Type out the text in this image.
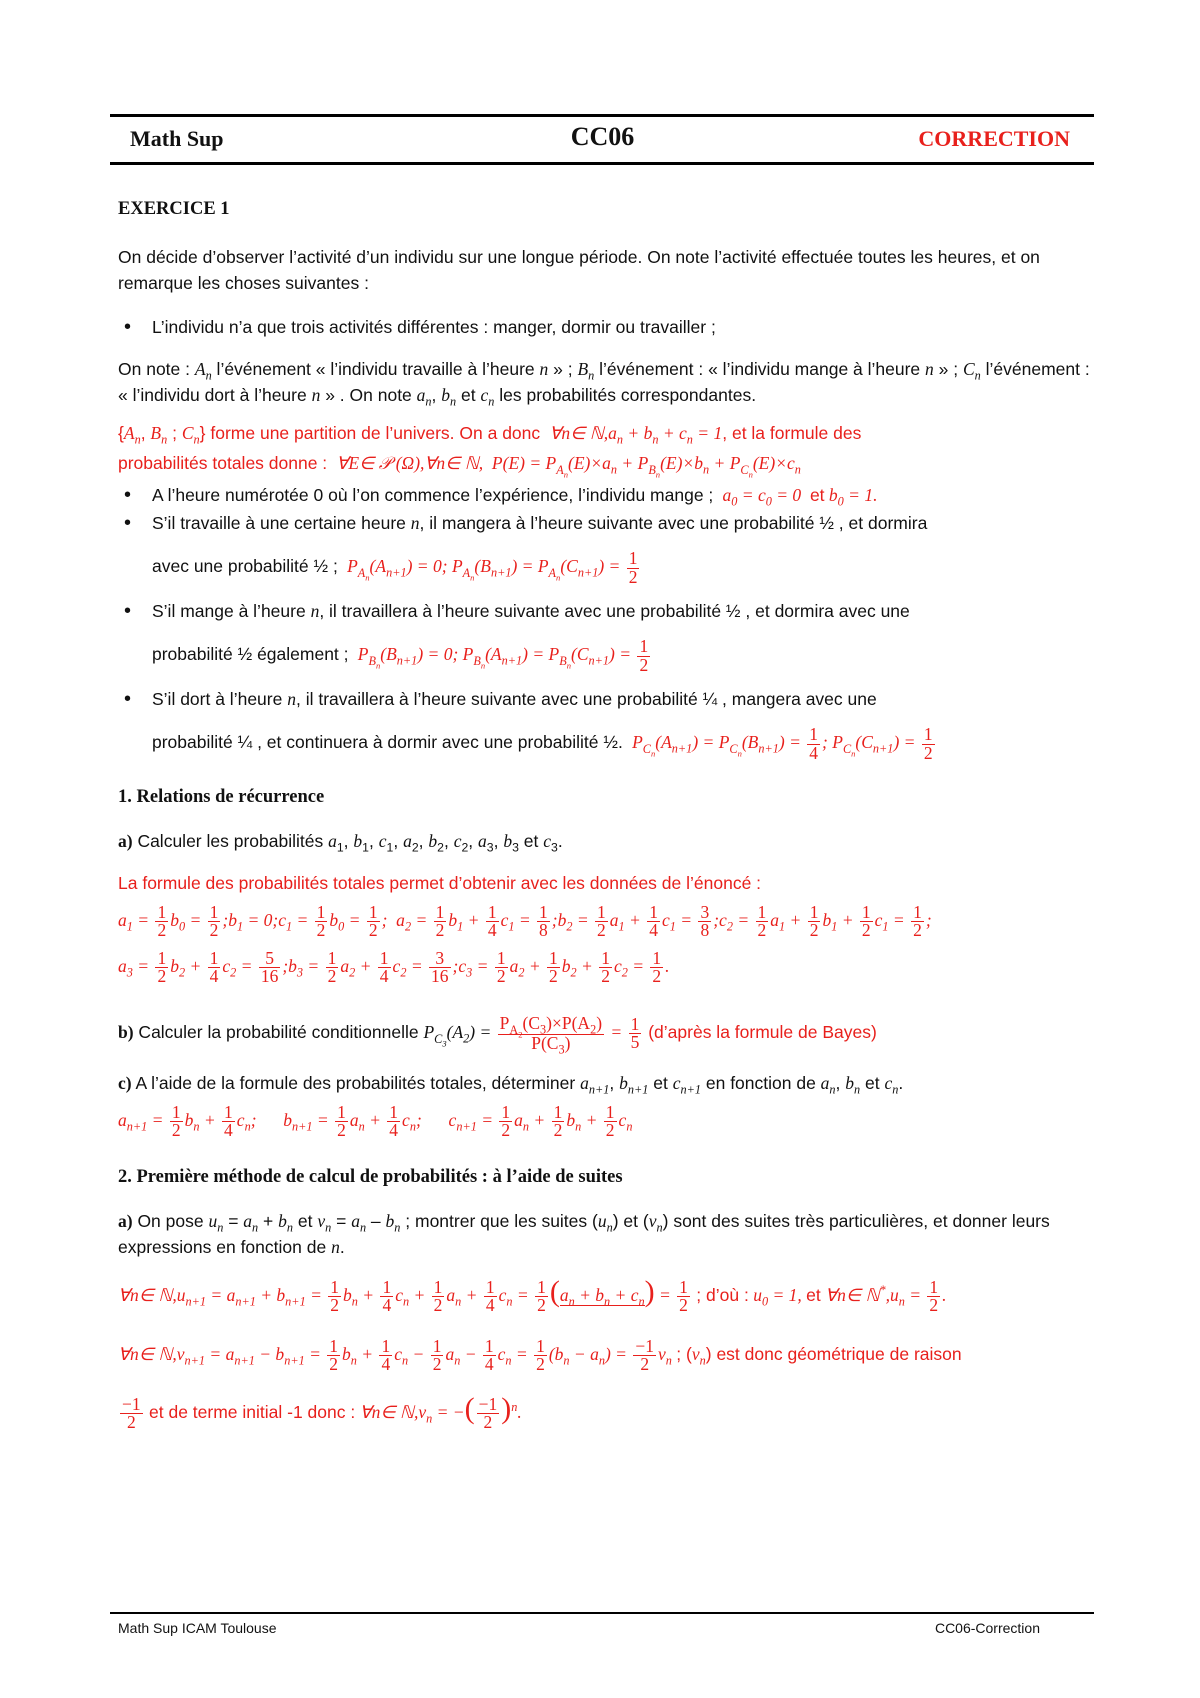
Math Sup	CC06	CORRECTION

EXERCICE 1

On décide d’observer l’activité d’un individu sur une longue période. On note l’activité effectuée toutes les heures, et on remarque les choses suivantes :

• L’individu n’a que trois activités différentes : manger, dormir ou travailler ;

On note : $A_n$ l’événement « l’individu travaille à l’heure n » ; $B_n$ l’événement : « l’individu mange à l’heure n » ; $C_n$ l’événement : « l’individu dort à l’heure n » . On note $a_n$, $b_n$ et $c_n$ les probabilités correspondantes.

{$A_n$, $B_n$ ; $C_n$} forme une partition de l’univers. On a donc  ∀n∈ $ℕ,a_n + b_n + c_n = 1$, et la formule des

probabilités totales donne :  ∀E∈ 𝒫 (Ω),∀n∈ ℕ,  $P(E) = P_{A_n}(E)\times a_n + P_{B_n}(E)\times b_n + P_{C_n}(E)\times c_n$

• A l’heure numérotée 0 où l’on commence l’expérience, l’individu mange ;  $a_0 = c_0 = 0$  et $b_0 = 1$.
• S’il travaille à une certaine heure n, il mangera à l’heure suivante avec une probabilité ½ , et dormira
avec une probabilité ½ ;  $P_{A_n}(A_{n+1}) = 0$; $P_{A_n}(B_{n+1}) = P_{A_n}(C_{n+1}) = \frac{1}{2}$
• S’il mange à l’heure n, il travaillera à l’heure suivante avec une probabilité ½ , et dormira avec une
probabilité ½ également ;  $P_{B_n}(B_{n+1}) = 0$; $P_{B_n}(A_{n+1}) = P_{B_n}(C_{n+1}) = \frac{1}{2}$
• S’il dort à l’heure n, il travaillera à l’heure suivante avec une probabilité ¼ , mangera avec une
probabilité ¼ , et continuera à dormir avec une probabilité ½.  $P_{C_n}(A_{n+1}) = P_{C_n}(B_{n+1}) = \frac{1}{4}$ ; $P_{C_n}(C_{n+1}) = \frac{1}{2}$

1. Relations de récurrence

a) Calculer les probabilités $a_1$, $b_1$, $c_1$, $a_2$, $b_2$, $c_2$, $a_3$, $b_3$ et $c_3$.

La formule des probabilités totales permet d’obtenir avec les données de l’énoncé :

$a_1 = \frac{1}{2} b_0 = \frac{1}{2}$ $;b_1$ = $0;c_1 = \frac{1}{2} b_0 = \frac{1}{2}$ ;  $a_2 = \frac{1}{2} b_1 + \frac{1}{4} c_1 = \frac{1}{8}$ $;b_2 = \frac{1}{2} a_1 + \frac{1}{4} c_1 = \frac{3}{8}$ $;c_2 = \frac{1}{2} a_1 + \frac{1}{2} b_1 + \frac{1}{2} c_1 = \frac{1}{2}$ ;

$a_3 = \frac{1}{2} b_2 + \frac{1}{4} c_2 = \frac{5}{16}$ $;b_3 = \frac{1}{2} a_2 + \frac{1}{4} c_2 = \frac{3}{16}$ $;c_3 = \frac{1}{2} a_2 + \frac{1}{2} b_2 + \frac{1}{2} c_2 = \frac{1}{2}$ .

b) Calculer la probabilité conditionnelle $P_{C_3}(A_2) = \frac{P_{A_2}(C_3)\times P(A_2)}{P(C_3)} = \frac{1}{5}$ (d’après la formule de Bayes)

c) A l’aide de la formule des probabilités totales, déterminer $a_{n+1}$, $b_{n+1}$ et $c_{n+1}$ en fonction de $a_n$, $b_n$ et $c_n$.

$a_{n+1} = \frac{1}{2} b_n + \frac{1}{4} c_n$;  $b_{n+1} = \frac{1}{2} a_n + \frac{1}{4} c_n$;  $c_{n+1} = \frac{1}{2} a_n + \frac{1}{2} b_n + \frac{1}{2} c_n$

2. Première méthode de calcul de probabilités : à l’aide de suites

a) On pose $u_n = a_n + b_n$ et $v_n = a_n - b_n$ ; montrer que les suites $(u_n)$ et $(v_n)$ sont des suites très particulières, et donner leurs expressions en fonction de n.

∀n∈ $ℕ,u_{n+1} = a_{n+1} + b_{n+1} = \frac{1}{2} b_n + \frac{1}{4} c_n + \frac{1}{2} a_n + \frac{1}{4} c_n = \frac{1}{2} (a_n + b_n + c_n) = \frac{1}{2}$ ; d’où : $u_0 = 1$, et ∀n∈ $ℕ^*,u_n = \frac{1}{2}$ .

∀n∈ $ℕ,v_{n+1} = a_{n+1} - b_{n+1} = \frac{1}{2} b_n + \frac{1}{4} c_n - \frac{1}{2} a_n - \frac{1}{4} c_n = \frac{1}{2} (b_n - a_n) = \frac{-1}{2} v_n$ ; $(v_n)$ est donc géométrique de raison

$\frac{-1}{2}$ et de terme initial -1 donc : ∀n∈ $ℕ,v_n$ = −( $\frac{-1}{2} )^n$.

Math Sup ICAM Toulouse	CC06-Correction
